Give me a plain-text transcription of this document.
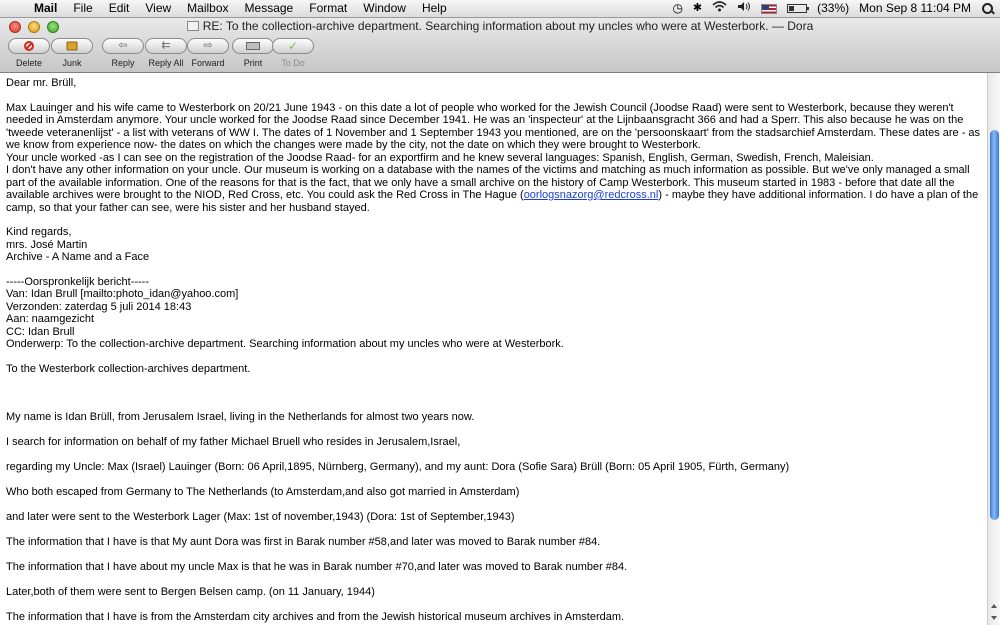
Mail	File	Edit	View	Mailbox	Message	Format	Window	Help	◷ ✱	(33%) Mon Sep 8 11:04 PM
RE: To the collection-archive department. Searching information about my uncles who were at Westerbork. — Dora
Delete	Junk
⇦
Reply
⇇
Reply All
⇨
Forward	Print
✓
To Do

Dear mr. Brüll,

Max Lauinger and his wife came to Westerbork on 20/21 June 1943 - on this date a lot of people who worked for the Jewish Council (Joodse Raad) were sent to Westerbork, because they weren't needed in Amsterdam anymore. Your uncle worked for the Joodse Raad since December 1941. He was an 'inspecteur' at the Lijnbaansgracht 366 and had a Sperr. This also because he was on the 'tweede veteranenlijst' - a list with veterans of WW I. The dates of 1 November and 1 September 1943 you mentioned, are on the 'persoonskaart' from the stadsarchief Amsterdam. These dates are - as we know from experience now- the dates on which the changes were made by the city, not the date on which they were brought to Westerbork.

Your uncle worked -as I can see on the registration of the Joodse Raad- for an exportfirm and he knew several languages: Spanish, English, German, Swedish, French, Maleisian.

I don't have any other information on your uncle. Our museum is working on a database with the names of the victims and matching as much information as possible. But we've only managed a small part of the available information. One of the reasons for that is the fact, that we only have a small archive on the history of Camp Westerbork. This museum started in 1983 - before that date all the available archives were brought to the NIOD, Red Cross, etc. You could ask the Red Cross in The Hague (oorlogsnazorg@redcross.nl) - maybe they have additional information. I do have a plan of the camp, so that your father can see, were his sister and her husband stayed.

Kind regards,

mrs. José Martin

Archive - A Name and a Face

-----Oorspronkelijk bericht-----

Van: Idan Brull [mailto:photo_idan@yahoo.com]

Verzonden: zaterdag 5 juli 2014 18:43

Aan: naamgezicht

CC: Idan Brull

Onderwerp: To the collection-archive department. Searching information about my uncles who were at Westerbork.

To the Westerbork collection-archives department.

My name is Idan Brüll, from Jerusalem Israel, living in the Netherlands for almost two years now.

I search for information on behalf of my father Michael Bruell who resides in Jerusalem,Israel,

regarding my Uncle: Max (Israel) Lauinger (Born: 06 April,1895, Nürnberg, Germany), and my aunt: Dora (Sofie Sara) Brüll (Born: 05 April 1905, Fürth, Germany)

Who both escaped from Germany to The Netherlands (to Amsterdam,and also got married in Amsterdam)

and later were sent to the Westerbork Lager (Max: 1st of november,1943) (Dora: 1st of September,1943)

The information that I have is that My aunt Dora was first in Barak number #58,and later was moved to Barak number #84.

The information that I have about my uncle Max is that he was in Barak number #70,and later was moved to Barak number #84.

Later,both of them were sent to Bergen Belsen camp. (on 11 January, 1944)

The information that I have is from the Amsterdam city archives and from the Jewish historical museum archives in Amsterdam.
